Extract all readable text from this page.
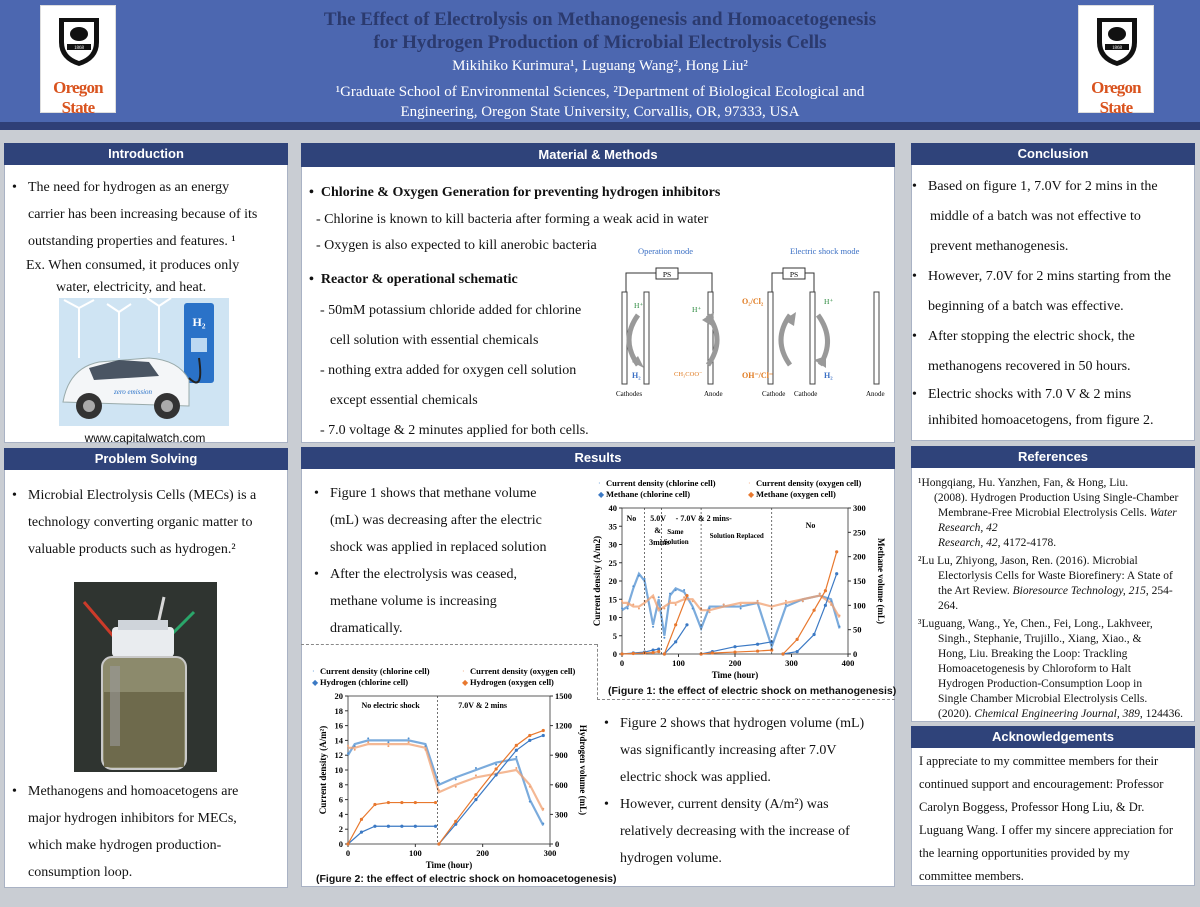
1868
Oregon State
1868
Oregon State
The Effect of Electrolysis on Methanogenesis and Homoacetogenesis
for Hydrogen Production of Microbial Electrolysis Cells
Mikihiko Kurimura¹, Luguang Wang², Hong Liu²
¹Graduate School of Environmental Sciences, ²Department of Biological Ecological and
Engineering, Oregon State University, Corvallis, OR, 97333, USA
Introduction
• The need for hydrogen as an energy
carrier has been increasing because of its
outstanding properties and features. ¹
Ex. When consumed, it produces only
water, electricity, and heat.
H₂
zero emission
www.capitalwatch.com
Problem Solving
• Microbial Electrolysis Cells (MECs) is a
technology converting organic matter to
valuable products such as hydrogen.²
• Methanogens and homoacetogens are
major hydrogen inhibitors for MECs,
which make hydrogen production-
consumption loop.
Material & Methods
•  Chlorine & Oxygen Generation for preventing hydrogen inhibitors
- Chlorine is known to kill bacteria after forming a weak acid in water
- Oxygen is also expected to kill anerobic bacteria
•  Reactor & operational schematic
- 50mM potassium chloride added for chlorine
cell solution with essential chemicals
- nothing extra added for oxygen cell solution
except essential chemicals
- 7.0 voltage & 2 minutes applied for both cells.
Operation mode	Electric shock mode
PS
H⁺	H⁺
H₂	CH₃COO⁻
Cathodes	Anode
PS
O₂/Cl₂	H⁺
OH⁻/Cl⁻	H₂
Cathode Cathode	Anode
Results
• Figure 1 shows that methane volume
(mL) was decreasing after the electric
shock was applied in replaced solution
• After the electrolysis was ceased,
methane volume is increasing
dramatically.
• Figure 2 shows that hydrogen volume (mL)
was significantly increasing after 7.0V
electric shock was applied.
• However, current density (A/m²) was
relatively decreasing with the increase of
hydrogen volume.
0	100	200	300	400
0
5
10
15
20
25
30
35
40
0
50
100
150
200
250
300
Time (hour)
Current density (A/m2)	Methane volume (mL)
· Current density (chlorine cell)	· Current density (oxygen cell)
◆ Methane (chlorine cell)	◆ Methane (oxygen cell)
No 5.0V
&
3mins
- 7.0V & 2 mins-
Same
Solution
Solution Replaced
No
(Figure 1: the effect of electric shock on methanogenesis)
0	100	200	300
0
2
4
6
8
10
12
14
16
18
20
0
300
600
900
1200
1500
Time (hour)
Current density (A/m²)	Hydrogen volume (mL)
· Current density (chlorine cell)	· Current density (oxygen cell)
◆ Hydrogen (chlorine cell)	◆ Hydrogen (oxygen cell)
No electric shock	7.0V & 2 mins
(Figure 2: the effect of electric shock on homoacetogenesis)
Conclusion
• Based on figure 1, 7.0V for 2 mins in the
middle of a batch was not effective to
prevent methanogenesis.
• However, 7.0V for 2 mins starting from the
beginning of a batch was effective.
• After stopping the electric shock, the
methanogens recovered in 50 hours.
• Electric shocks with 7.0 V & 2 mins
inhibited homoacetogens, from figure 2.
References
¹Hongqiang, Hu. Yanzhen, Fan, & Hong, Liu.
(2008). Hydrogen Production Using Single-Chamber
Membrane-Free Microbial Electrolysis Cells. Water Research, 42
Research, 42, 4172-4178.
²Lu Lu, Zhiyong, Jason, Ren. (2016). Microbial
Electorlysis Cells for Waste Biorefinery: A State of
the Art Review. Bioresource Technology, 215, 254-
264.
³Luguang, Wang., Ye, Chen., Fei, Long., Lakhveer,
Singh., Stephanie, Trujillo., Xiang, Xiao., &
Hong, Liu. Breaking the Loop: Trackling
Homoacetogenesis by Chloroform to Halt
Hydrogen Production-Consumption Loop in
Single Chamber Microbial Electrolysis Cells.
(2020). Chemical Engineering Journal, 389, 124436.
Acknowledgements
I appreciate to my committee members for their
continued support and encouragement: Professor
Carolyn Boggess, Professor Hong Liu, & Dr.
Luguang Wang. I offer my sincere appreciation for
the learning opportunities provided by my
committee members.
